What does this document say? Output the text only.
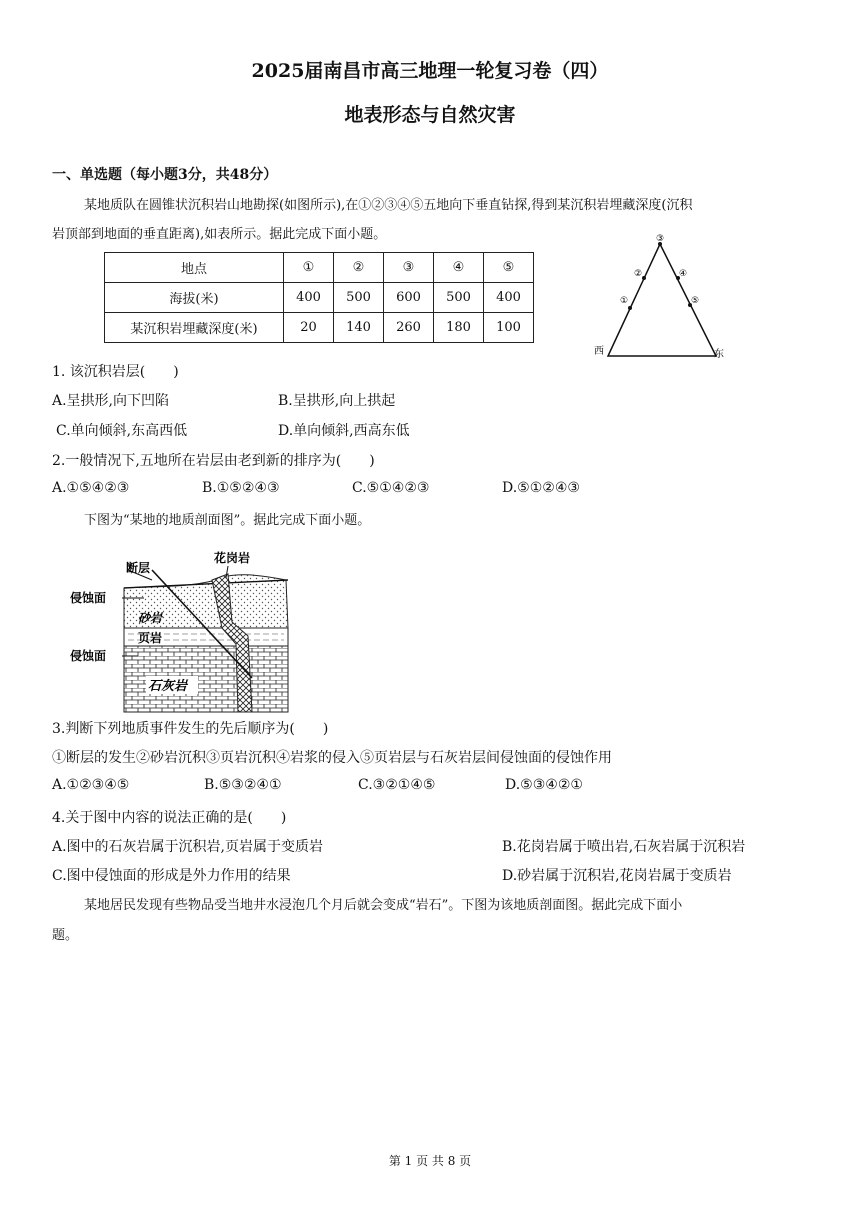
2025届南昌市高三地理一轮复习卷（四）
地表形态与自然灾害
一、单选题（每小题3分，共48分）
某地质队在圆锥状沉积岩山地勘探(如图所示),在①②③④⑤五地向下垂直钻探,得到某沉积岩埋藏深度(沉积
岩顶部到地面的垂直距离),如表所示。据此完成下面小题。
地点	①	②	③	④	⑤
海拔(米)	400	500	600	500	400
某沉积岩埋藏深度(米)	20	140	260	180	100
③
②	④
①	⑤
西	东
1. 该沉积岩层(　　)
A.呈拱形,向下凹陷	B.呈拱形,向上拱起
C.单向倾斜,东高西低	D.单向倾斜,西高东低
2.一般情况下,五地所在岩层由老到新的排序为(　　)
A.①⑤④②③	B.①⑤②④③	C.⑤①④②③	D.⑤①②④③
下图为“某地的地质剖面图”。据此完成下面小题。
断层
花岗岩
侵蚀面
砂岩
页岩
侵蚀面
石灰岩
3.判断下列地质事件发生的先后顺序为(　　)
①断层的发生②砂岩沉积③页岩沉积④岩浆的侵入⑤页岩层与石灰岩层间侵蚀面的侵蚀作用
A.①②③④⑤	B.⑤③②④①	C.③②①④⑤	D.⑤③④②①
4.关于图中内容的说法正确的是(　　)
A.图中的石灰岩属于沉积岩,页岩属于变质岩	B.花岗岩属于喷出岩,石灰岩属于沉积岩
C.图中侵蚀面的形成是外力作用的结果	D.砂岩属于沉积岩,花岗岩属于变质岩
某地居民发现有些物品受当地井水浸泡几个月后就会变成“岩石”。下图为该地质剖面图。据此完成下面小
题。
第 1 页 共 8 页
